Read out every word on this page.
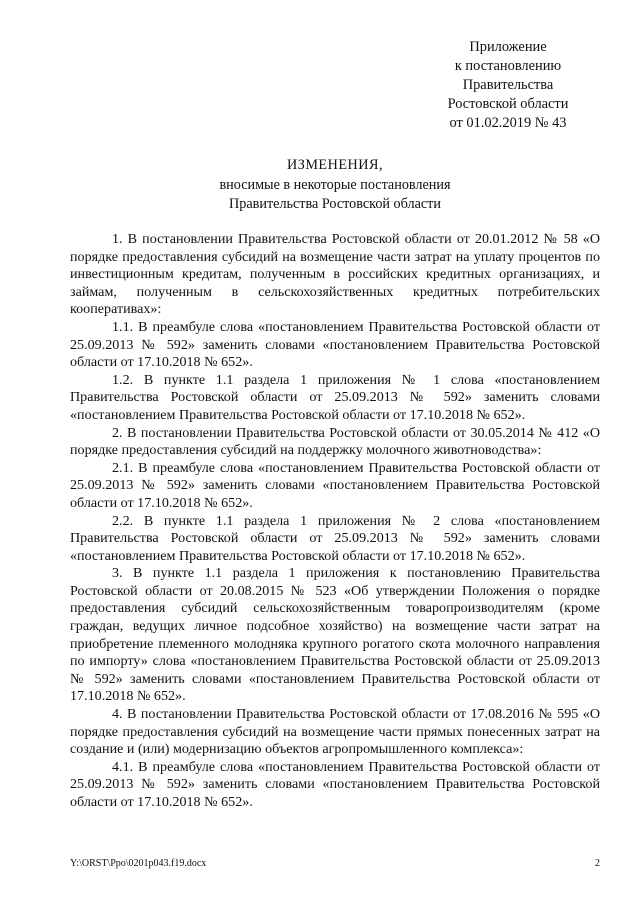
Приложение
к постановлению
Правительства
Ростовской области
от 01.02.2019 № 43
ИЗМЕНЕНИЯ,
вносимые в некоторые постановления
Правительства Ростовской области

1. В постановлении Правительства Ростовской области от 20.01.2012 № 58 «О порядке предоставления субсидий на возмещение части затрат на уплату процентов по инвестиционным кредитам, полученным в российских кредитных организациях, и займам, полученным в сельскохозяйственных кредитных потребительских кооперативах»:

1.1. В преамбуле слова «постановлением Правительства Ростовской области от 25.09.2013 № 592» заменить словами «постановлением Правительства Ростовской области от 17.10.2018 № 652».

1.2. В пункте 1.1 раздела 1 приложения № 1 слова «постановлением Правительства Ростовской области от 25.09.2013 № 592» заменить словами «постановлением Правительства Ростовской области от 17.10.2018 № 652».

2. В постановлении Правительства Ростовской области от 30.05.2014 № 412 «О порядке предоставления субсидий на поддержку молочного животноводства»:

2.1. В преамбуле слова «постановлением Правительства Ростовской области от 25.09.2013 № 592» заменить словами «постановлением Правительства Ростовской области от 17.10.2018 № 652».

2.2. В пункте 1.1 раздела 1 приложения № 2 слова «постановлением Правительства Ростовской области от 25.09.2013 № 592» заменить словами «постановлением Правительства Ростовской области от 17.10.2018 № 652».

3. В пункте 1.1 раздела 1 приложения к постановлению Правительства Ростовской области от 20.08.2015 № 523 «Об утверждении Положения о порядке предоставления субсидий сельскохозяйственным товаропроизводителям (кроме граждан, ведущих личное подсобное хозяйство) на возмещение части затрат на приобретение племенного молодняка крупного рогатого скота молочного направления по импорту» слова «постановлением Правительства Ростовской области от 25.09.2013 № 592» заменить словами «постановлением Правительства Ростовской области от 17.10.2018 № 652».

4. В постановлении Правительства Ростовской области от 17.08.2016 № 595 «О порядке предоставления субсидий на возмещение части прямых понесенных затрат на создание и (или) модернизацию объектов агропромышленного комплекса»:

4.1. В преамбуле слова «постановлением Правительства Ростовской области от 25.09.2013 № 592» заменить словами «постановлением Правительства Ростовской области от 17.10.2018 № 652».

Y:\ORST\Ppo\0201p043.f19.docx	2
